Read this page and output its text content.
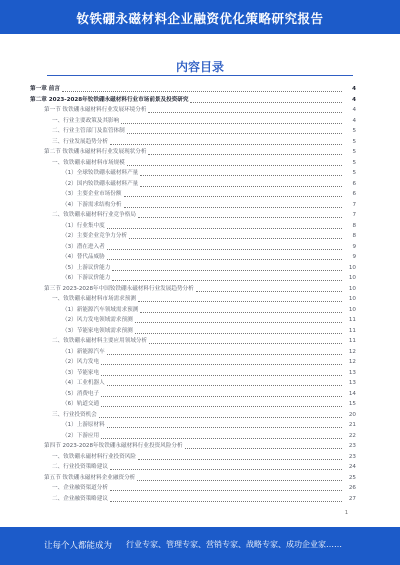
钕铁硼永磁材料企业融资优化策略研究报告
内容目录
第一章 前言	4
第二章 2023-2028年钕铁硼永磁材料行业市场前景及投资研究	4
第一节 钕铁硼永磁材料行业发展环境分析	4
一、行业主要政策及其影响	4
二、行业主管部门及监管体制	5
三、行业发展趋势分析	5
第二节 钕铁硼永磁材料行业发展现状分析	5
一、钕铁硼永磁材料市场规模	5
（1）全球钕铁硼永磁材料产量	5
（2）国内钕铁硼永磁材料产量	6
（3）主要企业市场份额	6
（4）下游需求结构分析	7
二、钕铁硼永磁材料行业竞争格局	7
（1）行业集中度	8
（2）主要企业竞争力分析	8
（3）潜在进入者	9
（4）替代品威胁	9
（5）上游议价能力	10
（6）下游议价能力	10
第三节 2023-2028年中国钕铁硼永磁材料行业发展趋势分析	10
一、钕铁硼永磁材料市场需求预测	10
（1）新能源汽车领域需求预测	10
（2）风力发电领域需求预测	11
（3）节能家电领域需求预测	11
二、钕铁硼永磁材料主要应用领域分析	11
（1）新能源汽车	12
（2）风力发电	12
（3）节能家电	13
（4）工业机器人	13
（5）消费电子	14
（6）轨道交通	15
三、行业投资机会	20
（1）上游原材料	21
（2）下游应用	22
第四节 2023-2028年钕铁硼永磁材料行业投资风险分析	23
一、钕铁硼永磁材料行业投资风险	23
二、行业投资策略建议	24
第五节 钕铁硼永磁材料企业融资分析	25
一、企业融资渠道分析	26
二、企业融资策略建议	27
1
让每个人都能成为 行业专家、管理专家、营销专家、战略专家、成功企业家……
